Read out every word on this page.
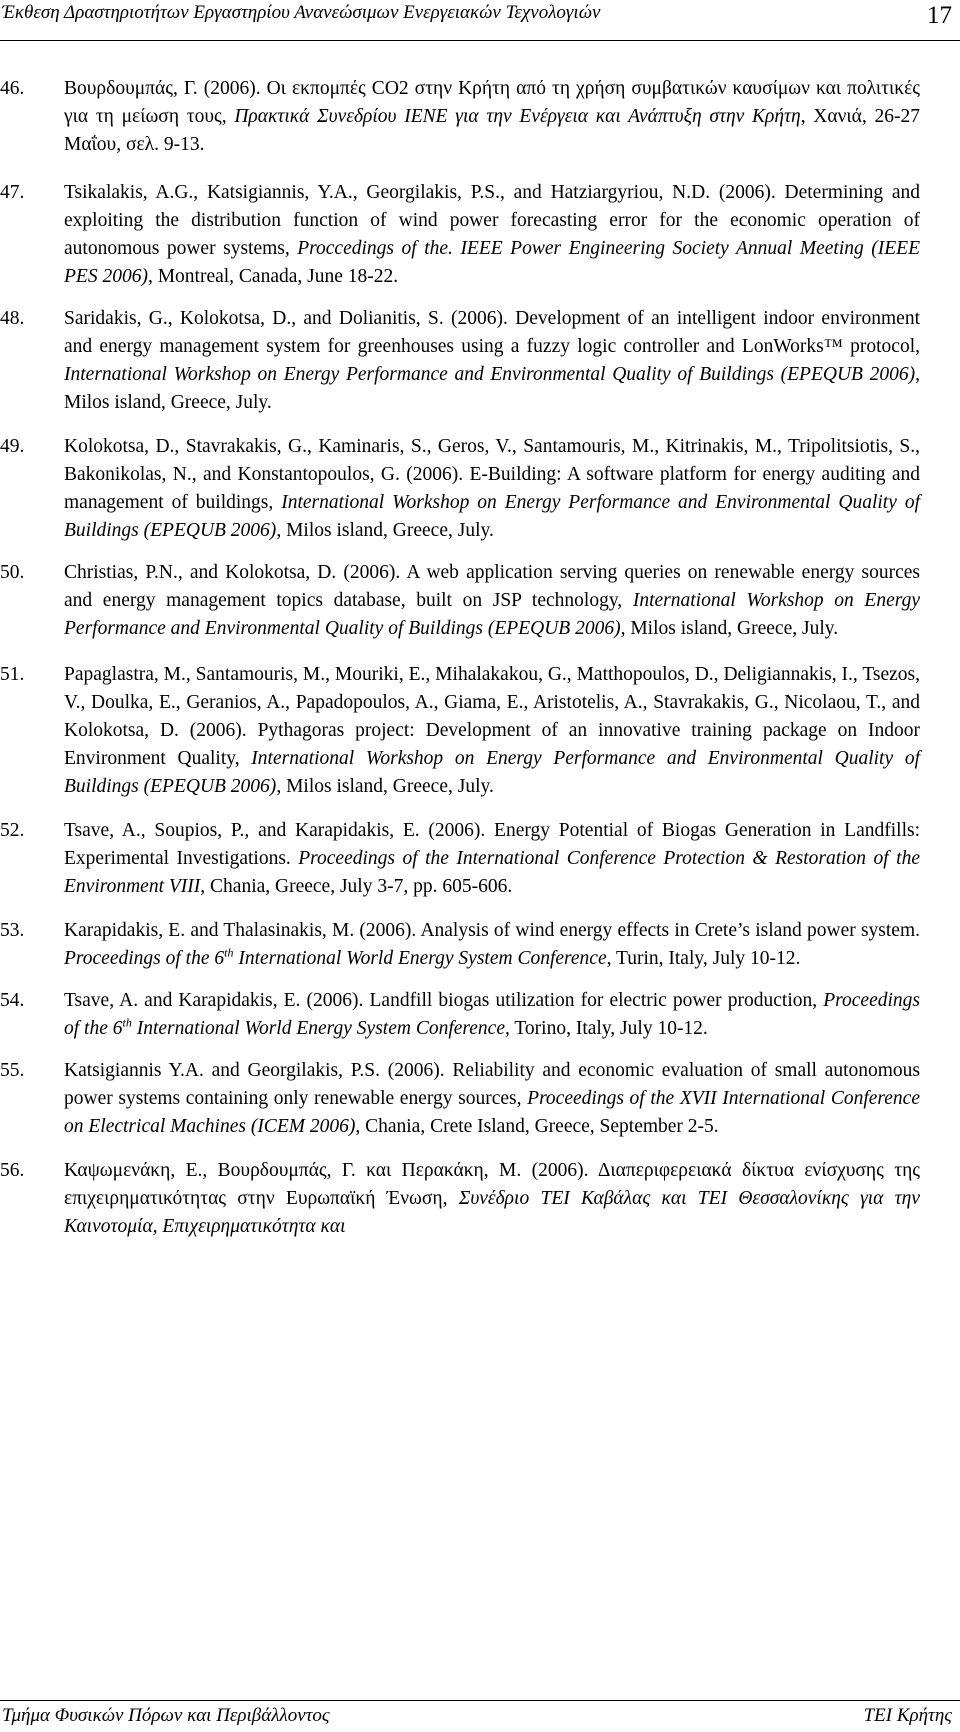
Έκθεση Δραστηριοτήτων Εργαστηρίου Ανανεώσιμων Ενεργειακών Τεχνολογιών	17
46. Βουρδουμπάς, Γ. (2006). Οι εκπομπές CO2 στην Κρήτη από τη χρήση συμβατικών καυσίμων και πολιτικές για τη μείωση τους, Πρακτικά Συνεδρίου ΙΕΝΕ για την Ενέργεια και Ανάπτυξη στην Κρήτη, Χανιά, 26-27 Μαΐου, σελ. 9-13.
47. Tsikalakis, A.G., Katsigiannis, Y.A., Georgilakis, P.S., and Hatziargyriou, N.D. (2006). Determining and exploiting the distribution function of wind power forecasting error for the economic operation of autonomous power systems, Proccedings of the. IEEE Power Engineering Society Annual Meeting (IEEE PES 2006), Montreal, Canada, June 18-22.
48. Saridakis, G., Kolokotsa, D., and Dolianitis, S. (2006). Development of an intelligent indoor environment and energy management system for greenhouses using a fuzzy logic controller and LonWorks™ protocol, International Workshop on Energy Performance and Environmental Quality of Buildings (EPEQUB 2006), Milos island, Greece, July.
49. Kolokotsa, D., Stavrakakis, G., Kaminaris, S., Geros, V., Santamouris, M., Kitrinakis, M., Tripolitsiotis, S., Bakonikolas, N., and Konstantopoulos, G. (2006). E-Building: A software platform for energy auditing and management of buildings, International Workshop on Energy Performance and Environmental Quality of Buildings (EPEQUB 2006), Milos island, Greece, July.
50. Christias, P.N., and Kolokotsa, D. (2006). A web application serving queries on renewable energy sources and energy management topics database, built on JSP technology, International Workshop on Energy Performance and Environmental Quality of Buildings (EPEQUB 2006), Milos island, Greece, July.
51. Papaglastra, M., Santamouris, M., Mouriki, E., Mihalakakou, G., Matthopoulos, D., Deligiannakis, I., Tsezos, V., Doulka, E., Geranios, A., Papadopoulos, A., Giama, E., Aristotelis, A., Stavrakakis, G., Nicolaou, T., and Kolokotsa, D. (2006). Pythagoras project: Development of an innovative training package on Indoor Environment Quality, International Workshop on Energy Performance and Environmental Quality of Buildings (EPEQUB 2006), Milos island, Greece, July.
52. Tsave, A., Soupios, P., and Karapidakis, E. (2006). Energy Potential of Biogas Generation in Landfills: Experimental Investigations. Proceedings of the International Conference Protection & Restoration of the Environment VIII, Chania, Greece, July 3-7, pp. 605-606.
53. Karapidakis, E. and Thalasinakis, M. (2006). Analysis of wind energy effects in Crete’s island power system. Proceedings of the 6th International World Energy System Conference, Turin, Italy, July 10-12.
54. Tsave, A. and Karapidakis, E. (2006). Landfill biogas utilization for electric power production, Proceedings of the 6th International World Energy System Conference, Torino, Italy, July 10-12.
55. Katsigiannis Y.A. and Georgilakis, P.S. (2006). Reliability and economic evaluation of small autonomous power systems containing only renewable energy sources, Proceedings of the XVII International Conference on Electrical Machines (ICEM 2006), Chania, Crete Island, Greece, September 2-5.
56. Καψωμενάκη, Ε., Βουρδουμπάς, Γ. και Περακάκη, Μ. (2006). Διαπεριφερειακά δίκτυα ενίσχυσης της επιχειρηματικότητας στην Ευρωπαϊκή Ένωση, Συνέδριο ΤΕΙ Καβάλας και ΤΕΙ Θεσσαλονίκης για την Καινοτομία, Επιχειρηματικότητα και
Τμήμα Φυσικών Πόρων και Περιβάλλοντος	ΤΕΙ Κρήτης
